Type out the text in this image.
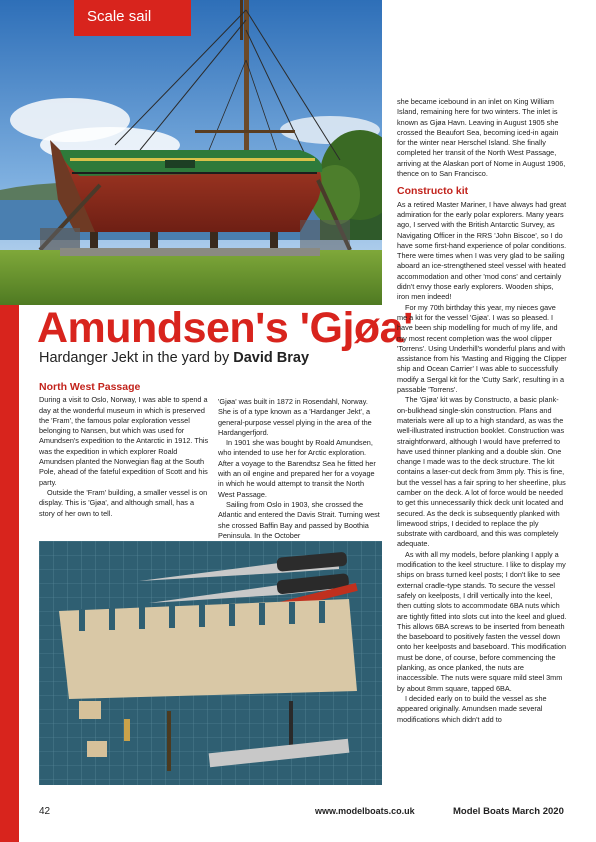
Scale sail
Amundsen's 'Gjøa'
Hardanger Jekt in the yard by David Bray
North West Passage

During a visit to Oslo, Norway, I was able to spend a day at the wonderful museum in which is preserved the 'Fram', the famous polar exploration vessel belonging to Nansen, but which was used for Amundsen's expedition to the Antarctic in 1912. This was the expedition in which explorer Roald Amundsen planted the Norwegian flag at the South Pole, ahead of the fateful expedition of Scott and his party.

Outside the 'Fram' building, a smaller vessel is on display. This is 'Gjøa', and although small, has a story of her own to tell.

'Gjøa' was built in 1872 in Rosendahl, Norway. She is of a type known as a 'Hardanger Jekt', a general-purpose vessel plying in the area of the Hardangerfjord.

In 1901 she was bought by Roald Amundsen, who intended to use her for Arctic exploration. After a voyage to the Barendtsz Sea he fitted her with an oil engine and prepared her for a voyage in which he would attempt to transit the North West Passage.

Sailing from Oslo in 1903, she crossed the Atlantic and entered the Davis Strait. Turning west she crossed Baffin Bay and passed by Boothia Peninsula. In the October

she became icebound in an inlet on King William Island, remaining here for two winters. The inlet is known as Gjøa Havn. Leaving in August 1905 she crossed the Beaufort Sea, becoming iced-in again for the winter near Herschel Island. She finally completed her transit of the North West Passage, arriving at the Alaskan port of Nome in August 1906, thence on to San Francisco.

Constructo kit

As a retired Master Mariner, I have always had great admiration for the early polar explorers. Many years ago, I served with the British Antarctic Survey, as Navigating Officer in the RRS 'John Biscoe', so I do have some first-hand experience of polar conditions. There were times when I was very glad to be sailing aboard an ice-strengthened steel vessel with heated accommodation and other 'mod cons' and certainly didn't envy those early explorers. Wooden ships, iron men indeed!

For my 70th birthday this year, my nieces gave me a kit for the vessel 'Gjøa'. I was so pleased. I have been ship modelling for much of my life, and my most recent completion was the wool clipper 'Torrens'. Using Underhill's wonderful plans and with assistance from his 'Masting and Rigging the Clipper ship and Ocean Carrier' I was able to successfully modify a Sergal kit for the 'Cutty Sark', resulting in a passable 'Torrens'.

The 'Gjøa' kit was by Constructo, a basic plank-on-bulkhead single-skin construction. Plans and materials were all up to a high standard, as was the well-illustrated instruction booklet. Construction was straightforward, although I would have preferred to have used thinner planking and a double skin. One change I made was to the deck structure. The kit contains a laser-cut deck from 3mm ply. This is fine, but the vessel has a fair spring to her sheerline, plus camber on the deck. A lot of force would be needed to get this unnecessarily thick deck unit located and secured. As the deck is subsequently planked with limewood strips, I decided to replace the ply substrate with cardboard, and this was completely adequate.

As with all my models, before planking I apply a modification to the keel structure. I like to display my ships on brass turned keel posts; I don't like to see external cradle-type stands. To secure the vessel safely on keelposts, I drill vertically into the keel, then cutting slots to accommodate 6BA nuts which are tightly fitted into slots cut into the keel and glued. This allows 6BA screws to be inserted from beneath the baseboard to positively fasten the vessel down onto her keelposts and baseboard. This modification must be done, of course, before commencing the planking, as once planked, the nuts are inaccessible. The nuts were square mild steel 3mm by about 8mm square, tapped 6BA.

I decided early on to build the vessel as she appeared originally. Amundsen made several modifications which didn't add to

42	www.modelboats.co.uk	Model Boats March 2020
